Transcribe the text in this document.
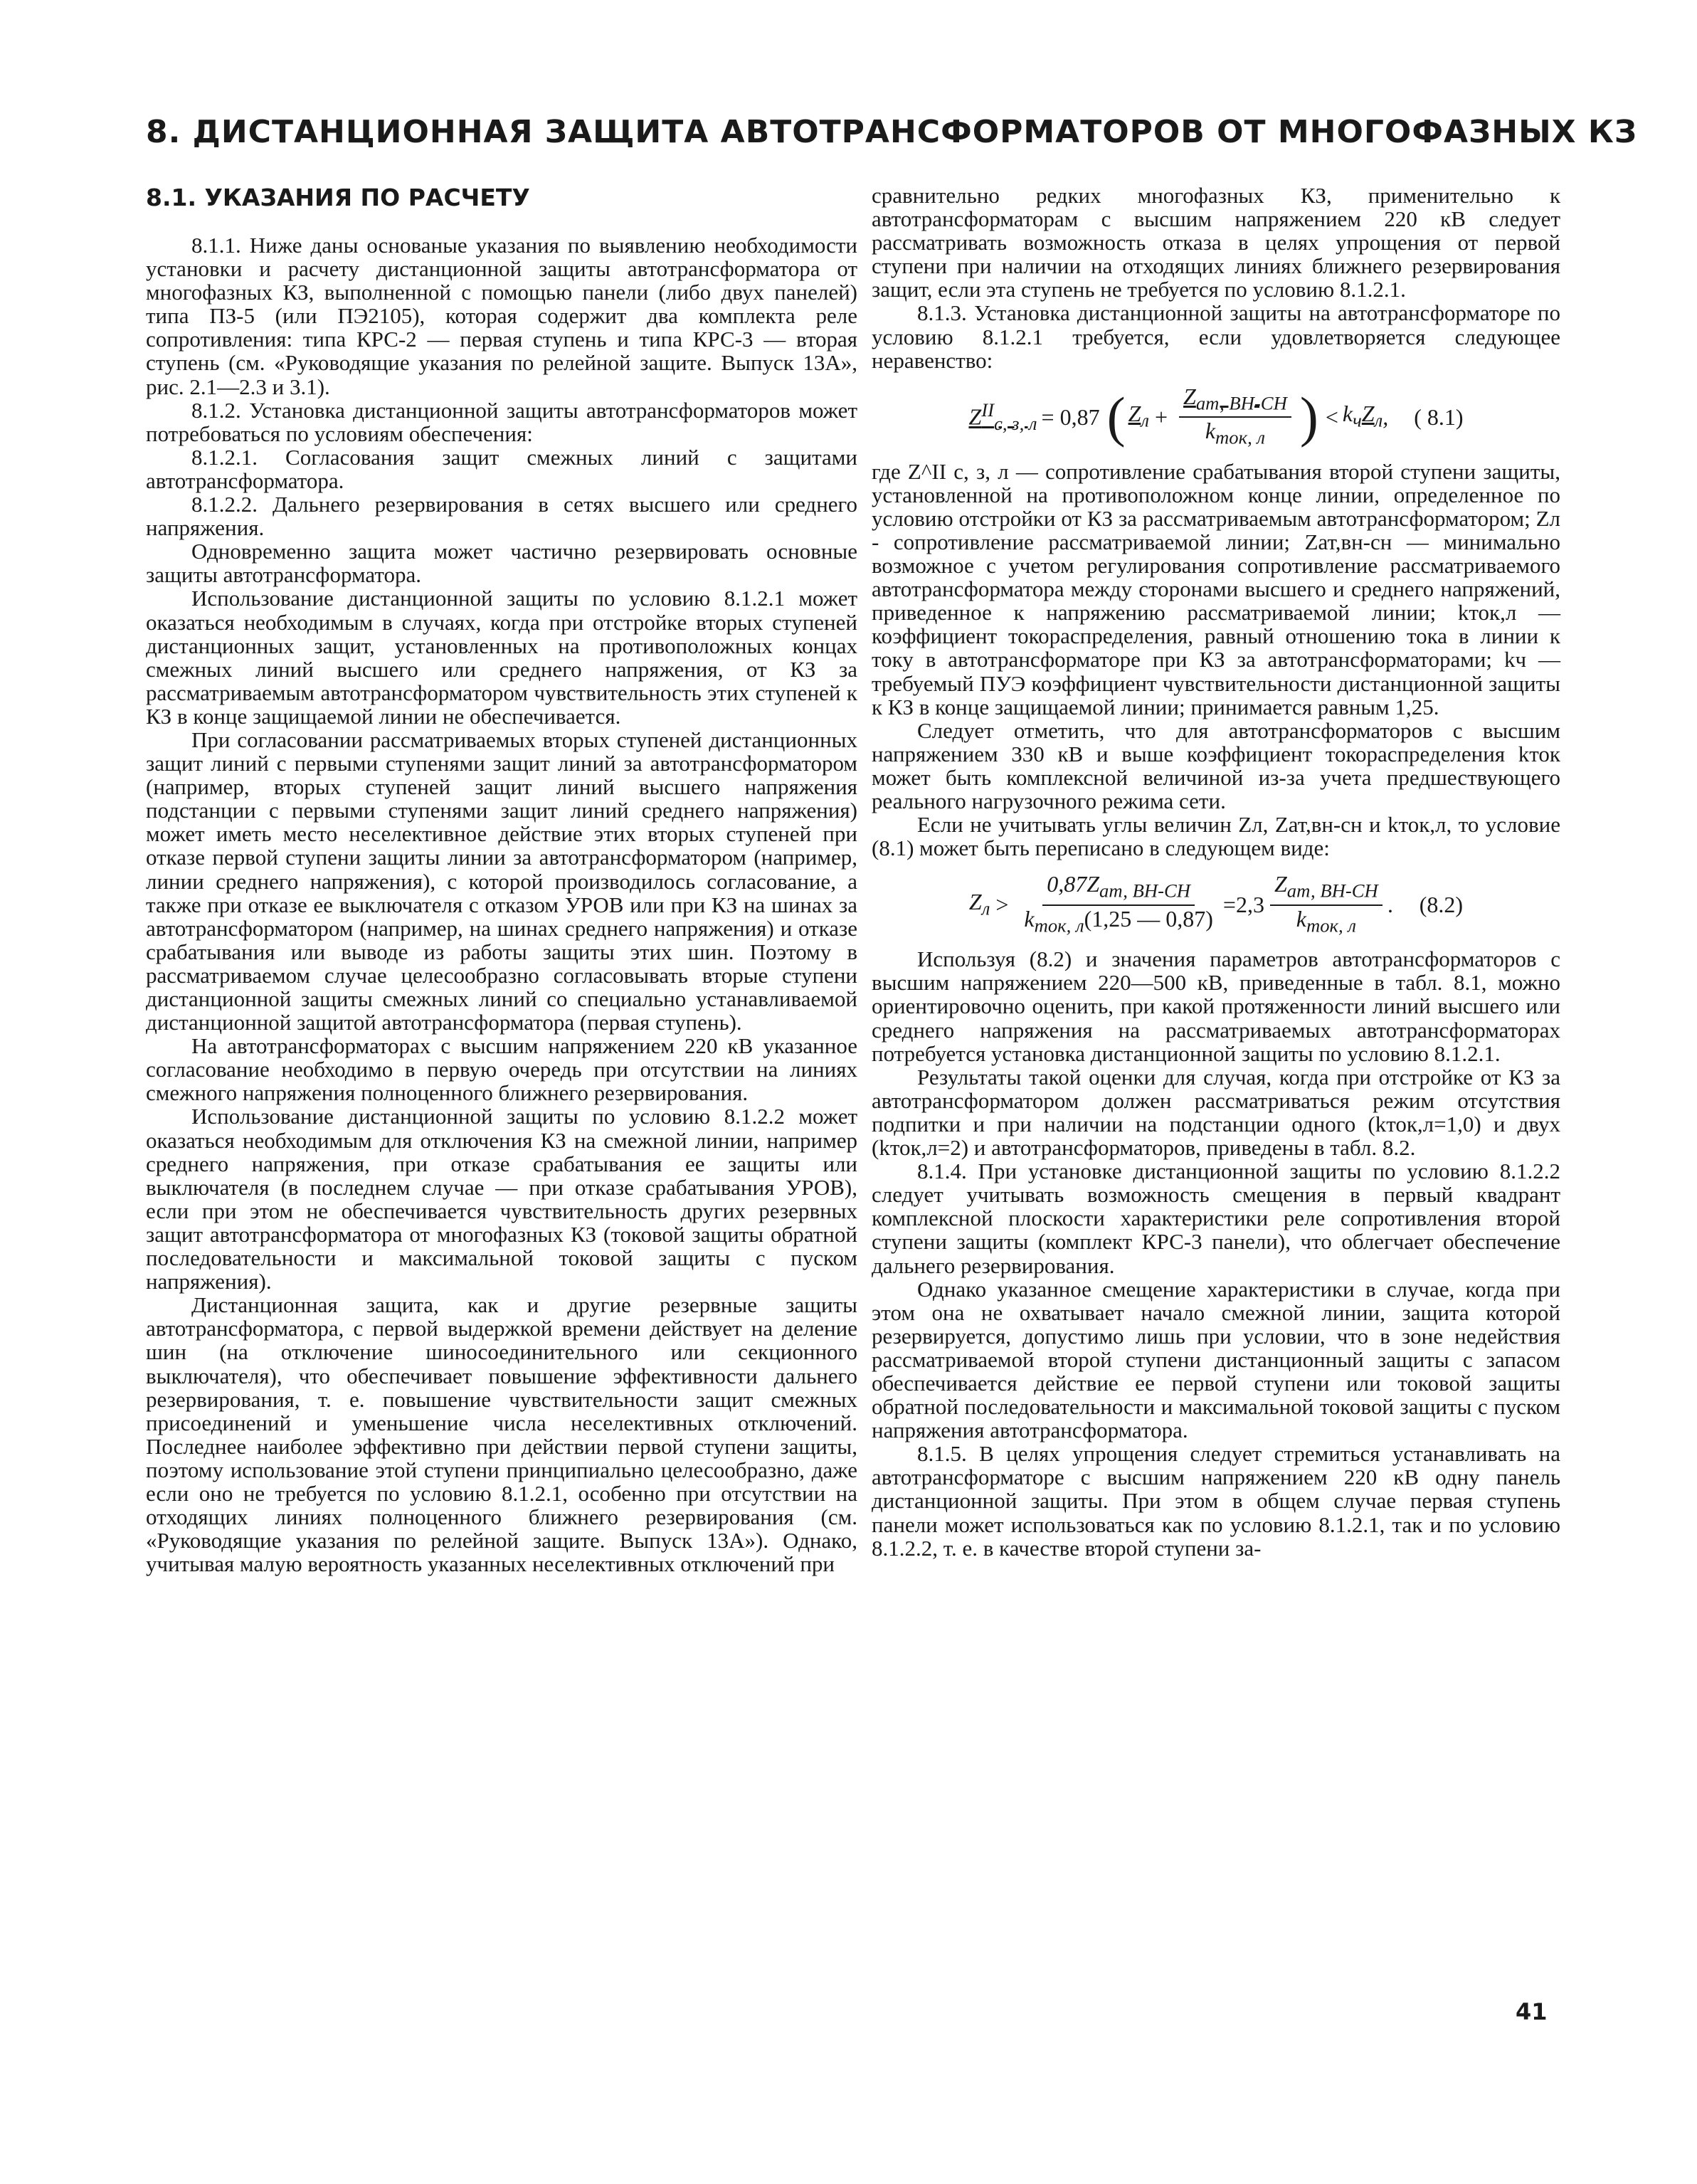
8. ДИСТАНЦИОННАЯ ЗАЩИТА АВТОТРАНСФОРМАТОРОВ ОТ МНОГОФАЗНЫХ КЗ
8.1. УКАЗАНИЯ ПО РАСЧЕТУ

8.1.1. Ниже даны основаные указания по выявлению необходимости установки и расчету дистанционной защиты автотрансформатора от многофазных КЗ, выполненной с помощью панели (либо двух панелей) типа ПЗ-5 (или ПЭ2105), которая содержит два комплекта реле сопротивления: типа КРС-2 — первая ступень и типа КРС-3 — вторая ступень (см. «Руководящие указания по релейной защите. Выпуск 13А», рис. 2.1—2.3 и 3.1).

8.1.2. Установка дистанционной защиты автотрансформаторов может потребоваться по условиям обеспечения:

8.1.2.1. Согласования защит смежных линий с защитами автотрансформатора.

8.1.2.2. Дальнего резервирования в сетях высшего или среднего напряжения.

Одновременно защита может частично резервировать основные защиты автотрансформатора.

Использование дистанционной защиты по условию 8.1.2.1 может оказаться необходимым в случаях, когда при отстройке вторых ступеней дистанционных защит, установленных на противоположных концах смежных линий высшего или среднего напряжения, от КЗ за рассматриваемым автотрансформатором чувствительность этих ступеней к КЗ в конце защищаемой линии не обеспечивается.

При согласовании рассматриваемых вторых ступеней дистанционных защит линий с первыми ступенями защит линий за автотрансформатором (например, вторых ступеней защит линий высшего напряжения подстанции с первыми ступенями защит линий среднего напряжения) может иметь место неселективное действие этих вторых ступеней при отказе первой ступени защиты линии за автотрансформатором (например, линии среднего напряжения), с которой производилось согласование, а также при отказе ее выключателя с отказом УРОВ или при КЗ на шинах за автотрансформатором (например, на шинах среднего напряжения) и отказе срабатывания или выводе из работы защиты этих шин. Поэтому в рассматриваемом случае целесообразно согласовывать вторые ступени дистанционной защиты смежных линий со специально устанавливаемой дистанционной защитой автотрансформатора (первая ступень).

На автотрансформаторах с высшим напряжением 220 кВ указанное согласование необходимо в первую очередь при отсутствии на линиях смежного напряжения полноценного ближнего резервирования.

Использование дистанционной защиты по условию 8.1.2.2 может оказаться необходимым для отключения КЗ на смежной линии, например среднего напряжения, при отказе срабатывания ее защиты или выключателя (в последнем случае — при отказе срабатывания УРОВ), если при этом не обеспечивается чувствительность других резервных защит автотрансформатора от многофазных КЗ (токовой защиты обратной последовательности и максимальной токовой защиты с пуском напряжения).

Дистанционная защита, как и другие резервные защиты автотрансформатора, с первой выдержкой времени действует на деление шин (на отключение шиносоединительного или секционного выключателя), что обеспечивает повышение эффективности дальнего резервирования, т. е. повышение чувствительности защит смежных присоединений и уменьшение числа неселективных отключений. Последнее наиболее эффективно при действии первой ступени защиты, поэтому использование этой ступени принципиально целесообразно, даже если оно не требуется по условию 8.1.2.1, особенно при отсутствии на отходящих линиях полноценного ближнего резервирования (см. «Руководящие указания по релейной защите. Выпуск 13А»). Однако, учитывая малую вероятность указанных неселективных отключений при

сравнительно редких многофазных КЗ, применительно к автотрансформаторам с высшим напряжением 220 кВ следует рассматривать возможность отказа в целях упрощения от первой ступени при наличии на отходящих линиях ближнего резервирования защит, если эта ступень не требуется по условию 8.1.2.1.

8.1.3. Установка дистанционной защиты на автотрансформаторе по условию 8.1.2.1 требуется, если удовлетворяется следующее неравенство:

$Z^{II}_{с, з, л} = 0,87$ ( $Z_л + \frac{Z_{ат, ВН-СН}}{k_{ток, л}}$ ) < $k_ч$ $Z_л$ , ( 8.1)

где Z^II с, з, л — сопротивление срабатывания второй ступени защиты, установленной на противоположном конце линии, определенное по условию отстройки от КЗ за рассматриваемым автотрансформатором; Zл - сопротивление рассматриваемой линии; Zат,вн-сн — минимально возможное с учетом регулирования сопротивление рассматриваемого автотрансформатора между сторонами высшего и среднего напряжений, приведенное к напряжению рассматриваемой линии; kток,л — коэффициент токораспределения, равный отношению тока в линии к току в автотрансформаторе при КЗ за автотрансформаторами; kч — требуемый ПУЭ коэффициент чувствительности дистанционной защиты к КЗ в конце защищаемой линии; принимается равным 1,25.

Следует отметить, что для автотрансформаторов с высшим напряжением 330 кВ и выше коэффициент токораспределения kток может быть комплексной величиной из-за учета предшествующего реального нагрузочного режима сети.

Если не учитывать углы величин Zл, Zат,вн-сн и kток,л, то условие (8.1) может быть переписано в следующем виде:

$Z_л > \frac{0,87Z_{ат, ВН-СН}}{k_{ток, л}(1,25 — 0,87)} =2,3 \frac{Z_{ат, ВН-СН}}{k_{ток, л}}$ . (8.2)

Используя (8.2) и значения параметров автотрансформаторов с высшим напряжением 220—500 кВ, приведенные в табл. 8.1, можно ориентировочно оценить, при какой протяженности линий высшего или среднего напряжения на рассматриваемых автотрансформаторах потребуется установка дистанционной защиты по условию 8.1.2.1.

Результаты такой оценки для случая, когда при отстройке от КЗ за автотрансформатором должен рассматриваться режим отсутствия подпитки и при наличии на подстанции одного (kток,л=1,0) и двух (kток,л=2) и автотрансформаторов, приведены в табл. 8.2.

8.1.4. При установке дистанционной защиты по условию 8.1.2.2 следует учитывать возможность смещения в первый квадрант комплексной плоскости характеристики реле сопротивления второй ступени защиты (комплект КРС-3 панели), что облегчает обеспечение дальнего резервирования.

Однако указанное смещение характеристики в случае, когда при этом она не охватывает начало смежной линии, защита которой резервируется, допустимо лишь при условии, что в зоне недействия рассматриваемой второй ступени дистанционный защиты с запасом обеспечивается действие ее первой ступени или токовой защиты обратной последовательности и максимальной токовой защиты с пуском напряжения автотрансформатора.

8.1.5. В целях упрощения следует стремиться устанавливать на автотрансформаторе с высшим напряжением 220 кВ одну панель дистанционной защиты. При этом в общем случае первая ступень панели может использоваться как по условию 8.1.2.1, так и по условию 8.1.2.2, т. е. в качестве второй ступени за-

41
